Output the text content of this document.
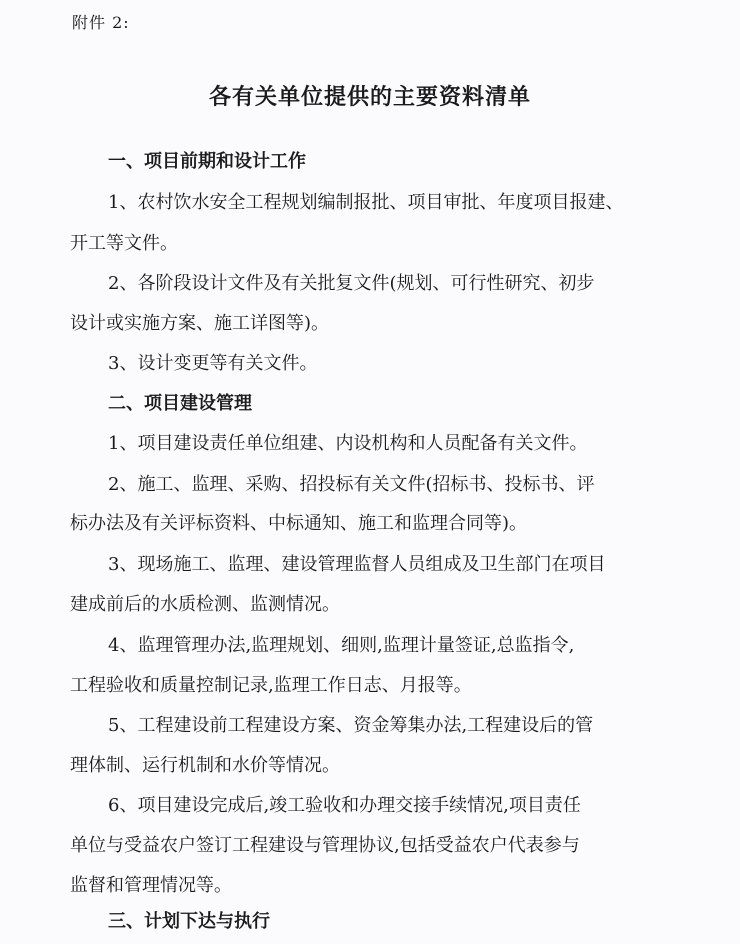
附件 2:
各有关单位提供的主要资料清单
一、项目前期和设计工作
1、农村饮水安全工程规划编制报批、项目审批、年度项目报建、
开工等文件。
2、各阶段设计文件及有关批复文件(规划、可行性研究、初步
设计或实施方案、施工详图等)。
3、设计变更等有关文件。
二、项目建设管理
1、项目建设责任单位组建、内设机构和人员配备有关文件。
2、施工、监理、采购、招投标有关文件(招标书、投标书、评
标办法及有关评标资料、中标通知、施工和监理合同等)。
3、现场施工、监理、建设管理监督人员组成及卫生部门在项目
建成前后的水质检测、监测情况。
4、监理管理办法,监理规划、细则,监理计量签证,总监指令,
工程验收和质量控制记录,监理工作日志、月报等。
5、工程建设前工程建设方案、资金筹集办法,工程建设后的管
理体制、运行机制和水价等情况。
6、项目建设完成后,竣工验收和办理交接手续情况,项目责任
单位与受益农户签订工程建设与管理协议,包括受益农户代表参与
监督和管理情况等。
三、计划下达与执行
